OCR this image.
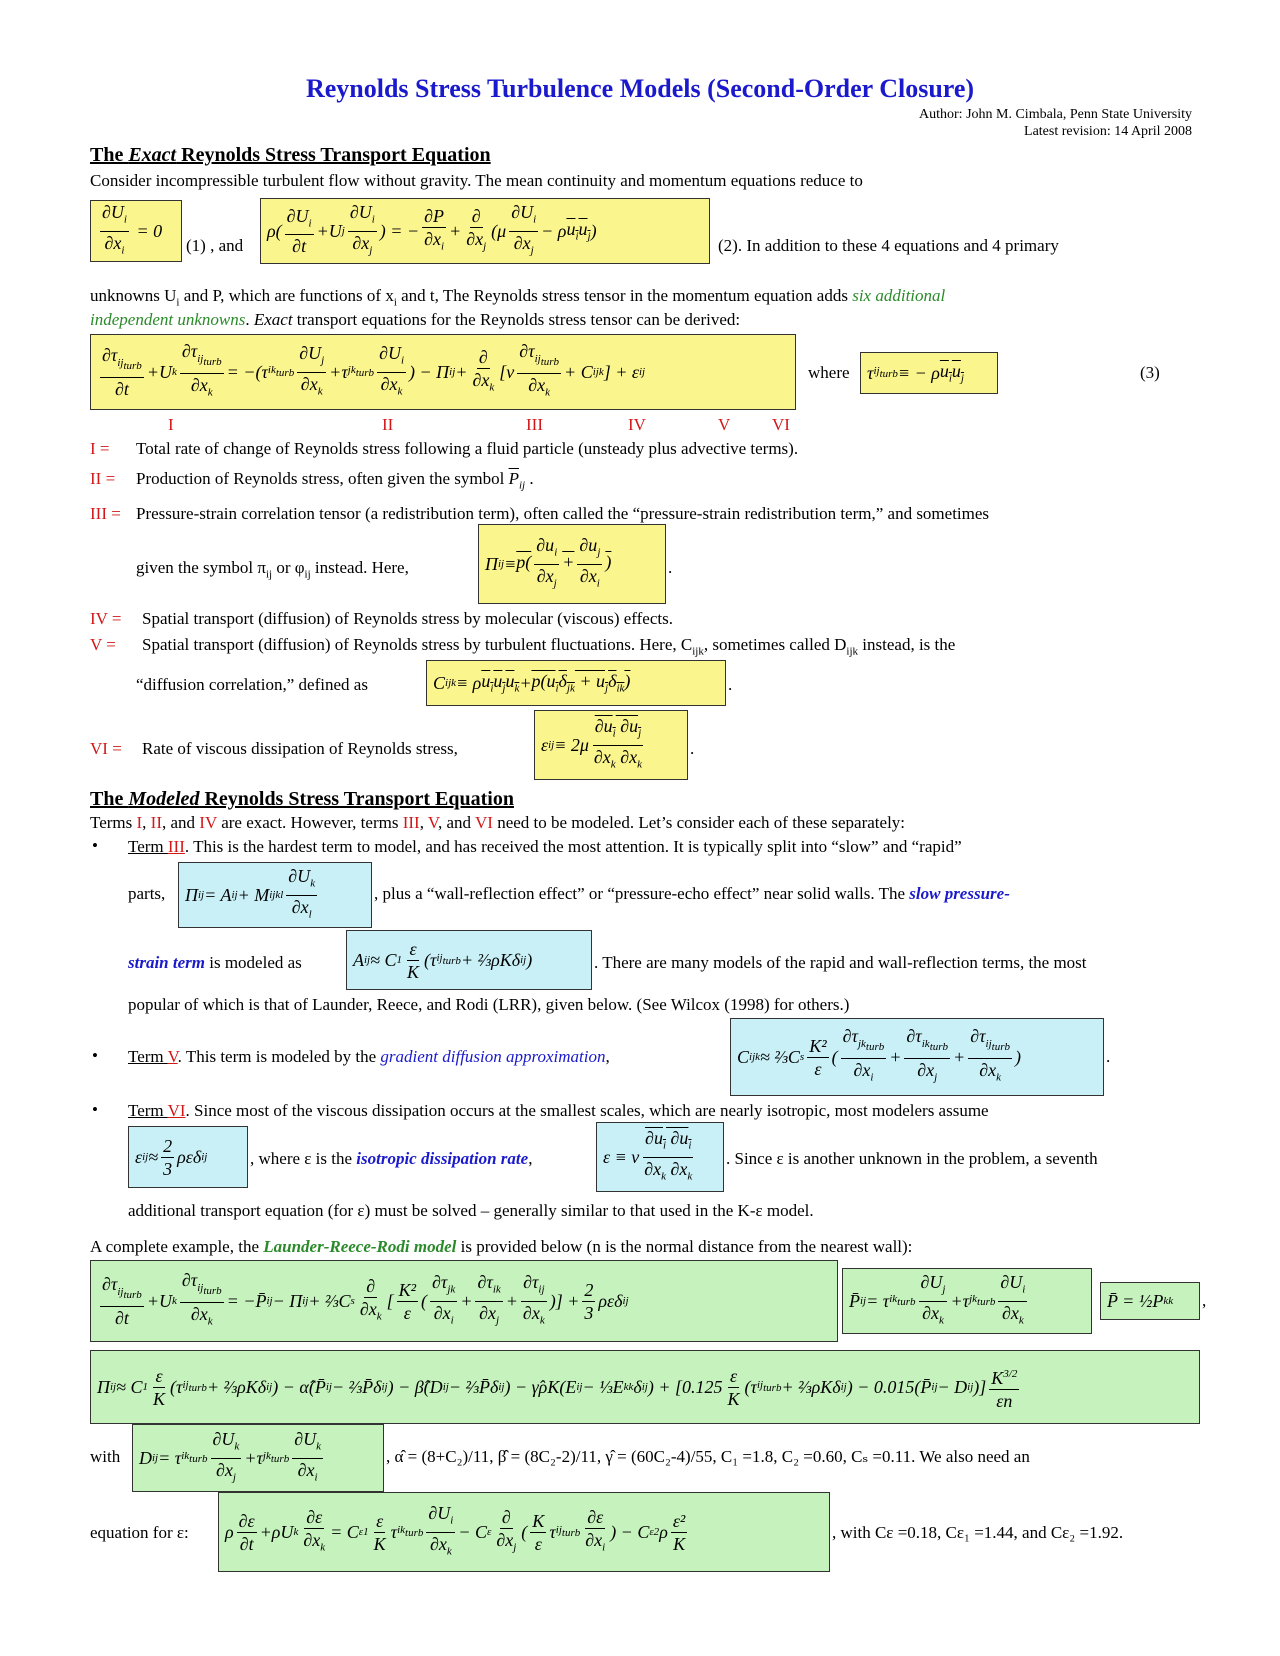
Reynolds Stress Turbulence Models (Second-Order Closure)
Author: John M. Cimbala, Penn State University
Latest revision: 14 April 2008
The Exact Reynolds Stress Transport Equation
Consider incompressible turbulent flow without gravity. The mean continuity and momentum equations reduce to
$\frac{\partial U_i}{\partial x_i} = 0$
(1) , and
$\rho( \frac{\partial U_i}{\partial t} +U$ j $\frac{\partial U_i}{\partial x_j}$ ) = − $\frac{\partial P}{\partial x_i} + \frac{\partial}{\partial x_j} (\mu \frac{\partial U_i}{\partial x_j} - \rho$ $u_iu_j$ )
(2). In addition to these 4 equations and 4 primary
unknowns $U_i$ and P, which are functions of $x_i$ and t, The Reynolds stress tensor in the momentum equation adds six additional
independent unknowns. Exact transport equations for the Reynolds stress tensor can be derived:
$\frac{\partial\tau_{ij_{turb}}}{\partial t} +U$ k $\frac{\partial\tau_{ij_{turb}}}{\partial x_k} = -(\tau$ $ik_{turb} \frac{\partial U_j}{\partial x_k} +\tau$ $jk_{turb} \frac{\partial U_i}{\partial x_k}$ ) − Π ij + $\frac{\partial}{\partial x_k} [\nu \frac{\partial\tau_{ij_{turb}}}{\partial x_k} + C$ ijk ] + ε ij	where τ $ij_{turb}$ ≡ − ρ $u_iu_j$	(3)
I	II	III	IV	V VI
I = Total rate of change of Reynolds stress following a fluid particle (unsteady plus advective terms).
II = Production of Reynolds stress, often given the symbol $\overline{P}_{ij}$ .
III = Pressure-strain correlation tensor (a redistribution term), often called the “pressure-strain redistribution term,” and sometimes
given the symbol $\pi_{ij}$ or $\varphi_{ij}$ instead. Here,	Π ij ≡ $p( \frac{\partial u_i}{\partial x_j} + \frac{\partial u_j}{\partial x_i}$ )	.
IV = Spatial transport (diffusion) of Reynolds stress by molecular (viscous) effects.
V = Spatial transport (diffusion) of Reynolds stress by turbulent fluctuations. Here, $C_{ijk}$, sometimes called $D_{ijk}$ instead, is the
“diffusion correlation,” defined as	C ijk ≡ ρ $u_iu_ju_k + p(u_i\delta_{jk} + u_j\delta_{ik})$	.
VI = Rate of viscous dissipation of Reynolds stress,	ε ij ≡ $2\mu \frac{\partial u_i \partial u_j}{\partial x_k \partial x_k}$	.
The Modeled Reynolds Stress Transport Equation
Terms I, II, and IV are exact. However, terms III, V, and VI need to be modeled. Let’s consider each of these separately:
• Term III. This is the hardest term to model, and has received the most attention. It is typically split into “slow” and “rapid”
parts,	Π ij = A ij + M ijkl $\frac{\partial U_k}{\partial x_l}$	, plus a “wall-reflection effect” or “pressure-echo effect” near solid walls. The slow pressure-
strain term is modeled as	A ij ≈ C $1 \frac{\varepsilon}{K} (\tau$ $ij_{turb}$ + ⅔ρKδ ij )	. There are many models of the rapid and wall-reflection terms, the most
popular of which is that of Launder, Reece, and Rodi (LRR), given below. (See Wilcox (1998) for others.)
• Term V. This term is modeled by the gradient diffusion approximation,	C ijk ≈ ⅔C s $\frac{\text{K²}}{\varepsilon}$ ( $\frac{\partial\tau_{jk_{turb}}}{\partial x_i} + \frac{\partial\tau_{ik_{turb}}}{\partial x_j} + \frac{\partial\tau_{ij_{turb}}}{\partial x_k}$ )	.
• Term VI. Since most of the viscous dissipation occurs at the smallest scales, which are nearly isotropic, most modelers assume
ε ij ≈ $\frac{2}{3}$ ρεδ ij	, where ε is the isotropic dissipation rate,	ε ≡ ν $\frac{\partial u_i \partial u_i}{\partial x_k \partial x_k}$ . Since ε is another unknown in the problem, a seventh
additional transport equation (for ε) must be solved – generally similar to that used in the K-ε model.
A complete example, the Launder-Reece-Rodi model is provided below (n is the normal distance from the nearest wall):
$\frac{\partial\tau_{ij_{turb}}}{\partial t} +U$ k $\frac{\partial\tau_{ij_{turb}}}{\partial x_k}$ = −P̄ ij − Π ij + ⅔C s $\frac{\partial}{\partial x_k}$ [ $\frac{\text{K²}}{\varepsilon}$ ( $\frac{\partial\tau_{jk}}{\partial x_i} + \frac{\partial\tau_{ik}}{\partial x_j} + \frac{\partial\tau_{ij}}{\partial x_k}$ )] + $\frac{2}{3}$ ρεδ ij	P̄ ij = τ $ik_{turb} \frac{\partial U_j}{\partial x_k} +\tau$ $jk_{turb} \frac{\partial U_i}{\partial x_k}$	P̄ = ½P kk ,
Π ij ≈ C $1 \frac{\varepsilon}{K} (\tau$ $ij_{turb}$ + ⅔ρKδ ij ) − α̂(P̄ ij − ⅔P̄δ ij ) − β̂(D ij − ⅔P̄δ ij ) − γ̂ρK(E ij − ⅓E kk δ ij ) + [$0.125 \frac{\varepsilon}{K} (\tau$ $ij_{turb}$ + ⅔ρKδ ij ) − 0.015(P̄ ij − D ij )] $\frac{K^{3/2}}{\varepsilon n}$
with	D ij = τ $ik_{turb} \frac{\partial U_k}{\partial x_j} +\tau$ $jk_{turb} \frac{\partial U_k}{\partial x_i}$	, α̂ = (8+C₂)/11, β̂ = (8C₂-2)/11, γ̂ = (60C₂-4)/55, C₁ =1.8, C₂ =0.60, Cₛ =0.11. We also need an
equation for ε:	ρ $\frac{\partial\varepsilon}{\partial t} +\rho U$ k $\frac{\partial\varepsilon}{\partial x_k} = C$ $\varepsilon 1 \frac{\varepsilon}{K}$ τ $ik_{turb} \frac{\partial U_i}{\partial x_k} - C$ ε $\frac{\partial}{\partial x_j}$ ( $\frac{K}{\varepsilon}$ τ $ij_{turb} \frac{\partial\varepsilon}{\partial x_i}$ ) − C ε2 ρ $\frac{\text{ε²}}{K}$	, with Cε =0.18, Cε₁ =1.44, and Cε₂ =1.92.
